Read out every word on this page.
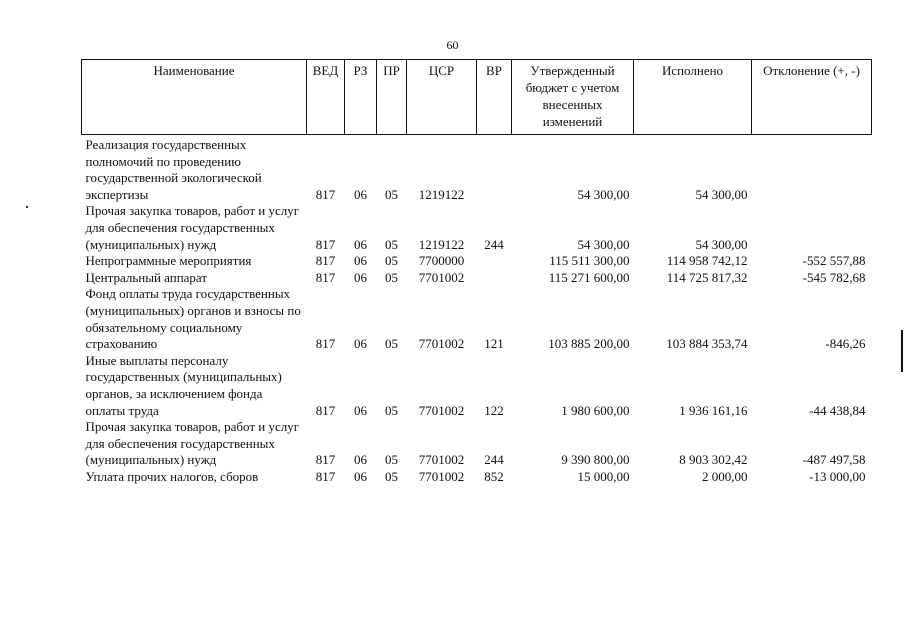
60
Наименование	ВЕД	РЗ	ПР	ЦСР	ВР	Утвержденный бюджет с учетом внесенных изменений	Исполнено	Отклонение (+, -)
Реализация государственных полномочий по проведению государственной экологической экспертизы	817	06	05	1219122		54 300,00	54 300,00	
Прочая закупка товаров, работ и услуг для обеспечения государственных (муниципальных) нужд	817	06	05	1219122	244	54 300,00	54 300,00	
Непрограммные мероприятия	817	06	05	7700000		115 511 300,00	114 958 742,12	-552 557,88
Центральный аппарат	817	06	05	7701002		115 271 600,00	114 725 817,32	-545 782,68
Фонд оплаты труда государственных (муниципальных) органов и взносы по обязательному социальному страхованию	817	06	05	7701002	121	103 885 200,00	103 884 353,74	-846,26
Иные выплаты персоналу государственных (муниципальных) органов, за исключением фонда оплаты труда	817	06	05	7701002	122	1 980 600,00	1 936 161,16	-44 438,84
Прочая закупка товаров, работ и услуг для обеспечения государственных (муниципальных) нужд	817	06	05	7701002	244	9 390 800,00	8 903 302,42	-487 497,58
Уплата прочих налогов, сборов	817	06	05	7701002	852	15 000,00	2 000,00	-13 000,00
